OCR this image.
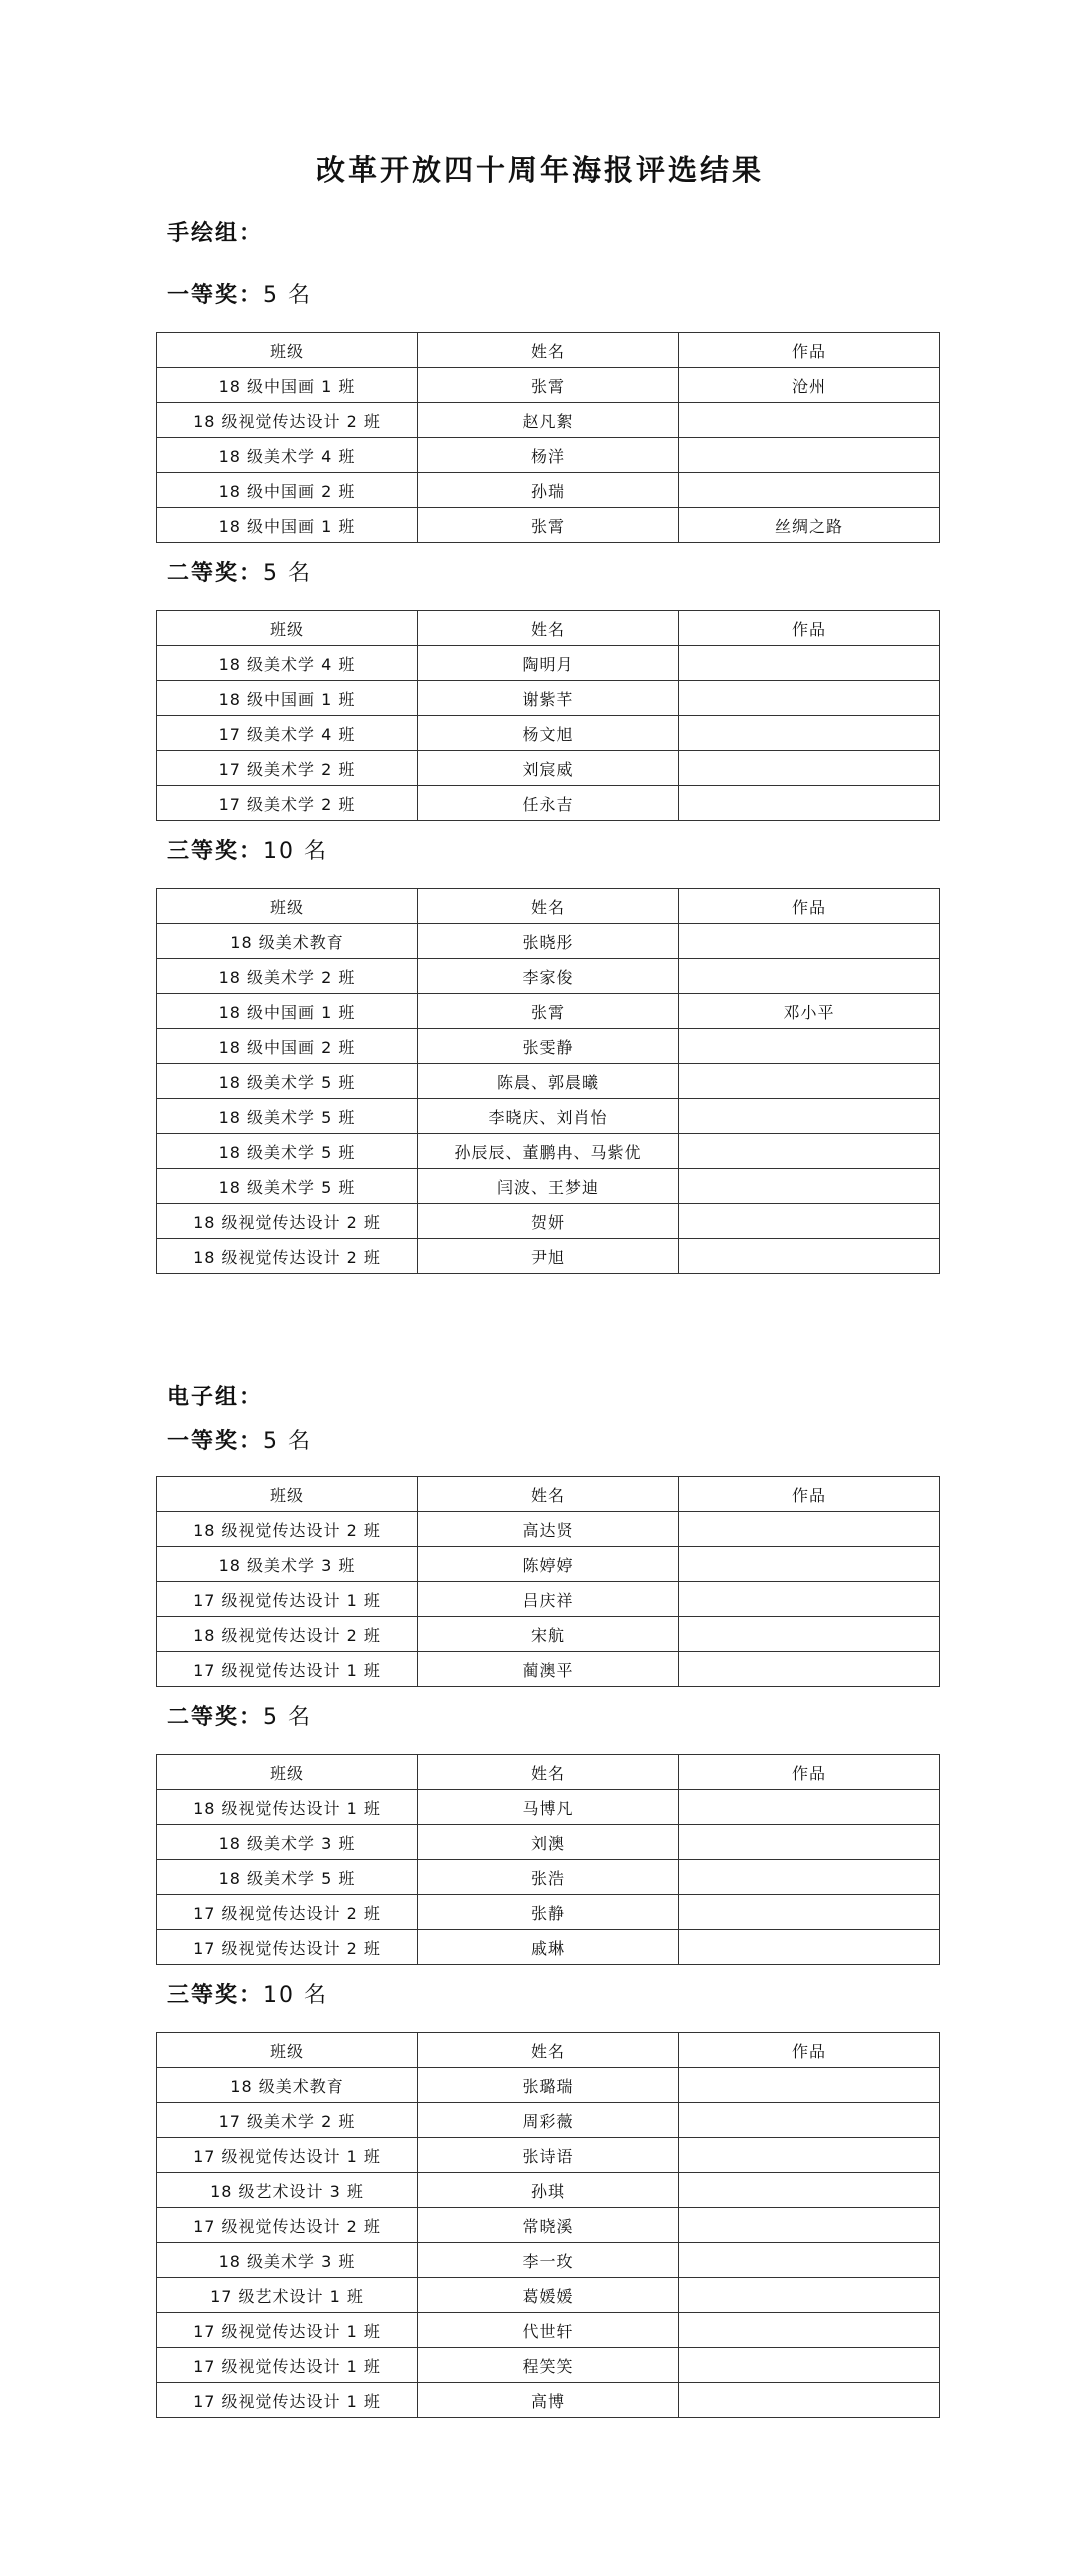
改革开放四十周年海报评选结果
手绘组：
一等奖：5 名
班级	姓名	作品
18 级中国画 1 班	张霄	沧州
18 级视觉传达设计 2 班	赵凡絮	
18 级美术学 4 班	杨洋	
18 级中国画 2 班	孙瑞	
18 级中国画 1 班	张霄	丝绸之路
二等奖：5 名
班级	姓名	作品
18 级美术学 4 班	陶明月	
18 级中国画 1 班	谢紫芊	
17 级美术学 4 班	杨文旭	
17 级美术学 2 班	刘宸威	
17 级美术学 2 班	任永吉	
三等奖：10 名
班级	姓名	作品
18 级美术教育	张晓彤	
18 级美术学 2 班	李家俊	
18 级中国画 1 班	张霄	邓小平
18 级中国画 2 班	张雯静	
18 级美术学 5 班	陈晨、郭晨曦	
18 级美术学 5 班	李晓庆、刘肖怡	
18 级美术学 5 班	孙辰辰、董鹏冉、马紫优	
18 级美术学 5 班	闫波、王梦迪	
18 级视觉传达设计 2 班	贺妍	
18 级视觉传达设计 2 班	尹旭	
电子组：
一等奖：5 名
班级	姓名	作品
18 级视觉传达设计 2 班	高达贤	
18 级美术学 3 班	陈婷婷	
17 级视觉传达设计 1 班	吕庆祥	
18 级视觉传达设计 2 班	宋航	
17 级视觉传达设计 1 班	蔺澳平	
二等奖：5 名
班级	姓名	作品
18 级视觉传达设计 1 班	马博凡	
18 级美术学 3 班	刘澳	
18 级美术学 5 班	张浩	
17 级视觉传达设计 2 班	张静	
17 级视觉传达设计 2 班	戚琳	
三等奖：10 名
班级	姓名	作品
18 级美术教育	张璐瑞	
17 级美术学 2 班	周彩薇	
17 级视觉传达设计 1 班	张诗语	
18 级艺术设计 3 班	孙琪	
17 级视觉传达设计 2 班	常晓溪	
18 级美术学 3 班	李一玫	
17 级艺术设计 1 班	葛媛媛	
17 级视觉传达设计 1 班	代世轩	
17 级视觉传达设计 1 班	程笑笑	
17 级视觉传达设计 1 班	高博	
